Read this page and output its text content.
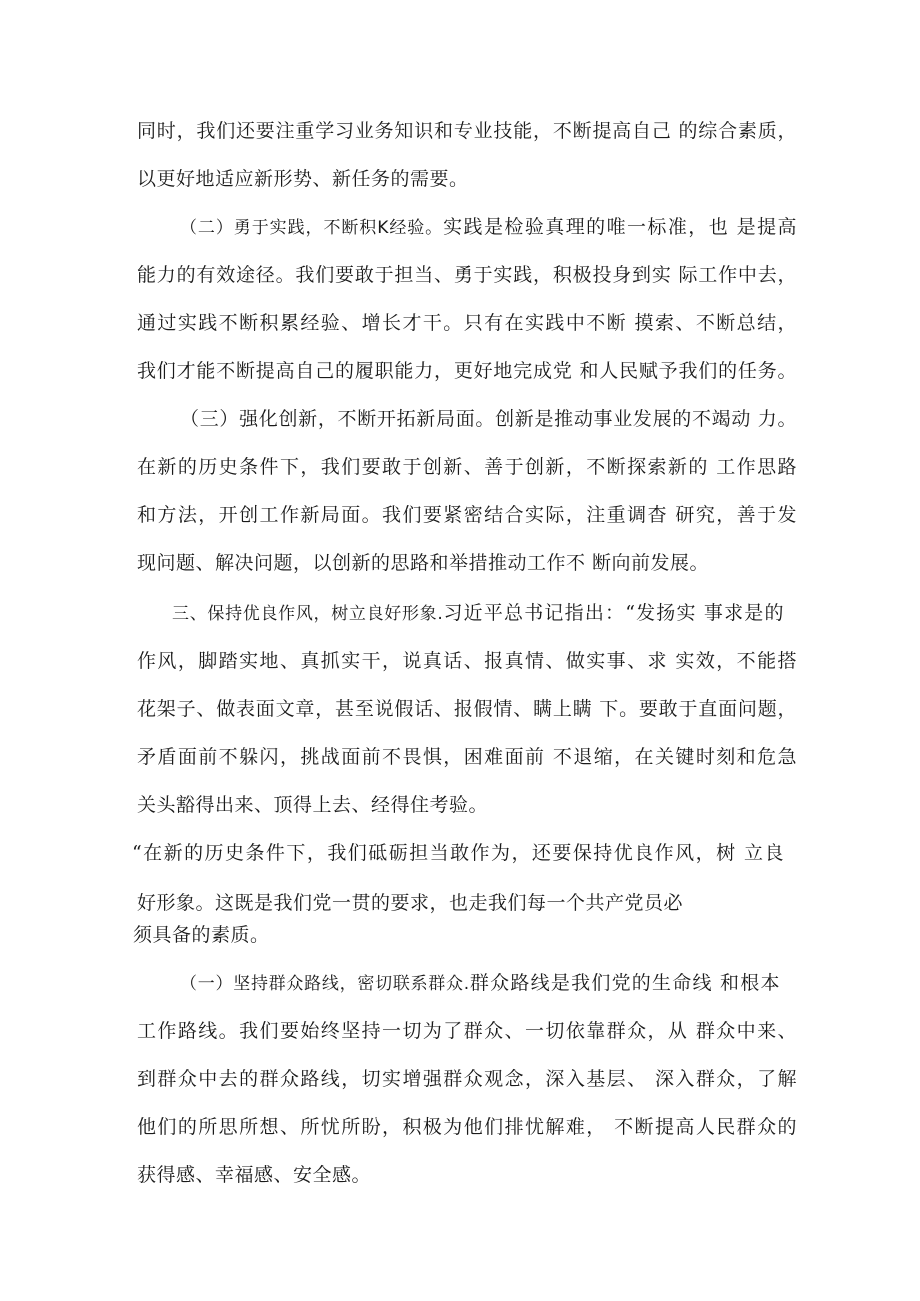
同时，我们还要注重学习业务知识和专业技能，不断提高自己 的综合素质，
以更好地适应新形势、新任务的需要。
（二）勇于实践，不断积K经验。实践是检验真理的唯一标准，也 是提高
能力的有效途径。我们要敢于担当、勇于实践，积极投身到实 际工作中去，
通过实践不断积累经验、增长才干。只有在实践中不断 摸索、不断总结，
我们才能不断提高自己的履职能力，更好地完成党 和人民赋予我们的任务。
（三）强化创新，不断开拓新局面。创新是推动事业发展的不竭动 力。
在新的历史条件下，我们要敢于创新、善于创新，不断探索新的 工作思路
和方法，开创工作新局面。我们要紧密结合实际，注重调杳 研究，善于发
现问题、解决问题，以创新的思路和举措推动工作不 断向前发展。
三、保持优良作风，树立良好形象.习近平总书记指出：“发扬实 事求是的
作风，脚踏实地、真抓实干，说真话、报真情、做实事、求 实效，不能搭
花架子、做表面文章，甚至说假话、报假情、瞒上瞒 下。要敢于直面问题，
矛盾面前不躲闪，挑战面前不畏惧，困难面前 不退缩，在关键时刻和危急
关头豁得出来、顶得上去、经得住考验。
“在新的历史条件下，我们砥砺担当敢作为，还要保持优良作风，树 立良
好形象。这既是我们党一贯的要求，也走我们每一个共产党员必
须具备的素质。
（一）坚持群众路线，密切联系群众.群众路线是我们党的生命线 和根本
工作路线。我们要始终坚持一切为了群众、一切依靠群众，从 群众中来、
到群众中去的群众路线，切实增强群众观念，深入基层、 深入群众，了解
他们的所思所想、所忧所盼，积极为他们排忧解难， 不断提高人民群众的
获得感、幸福感、安全感。
